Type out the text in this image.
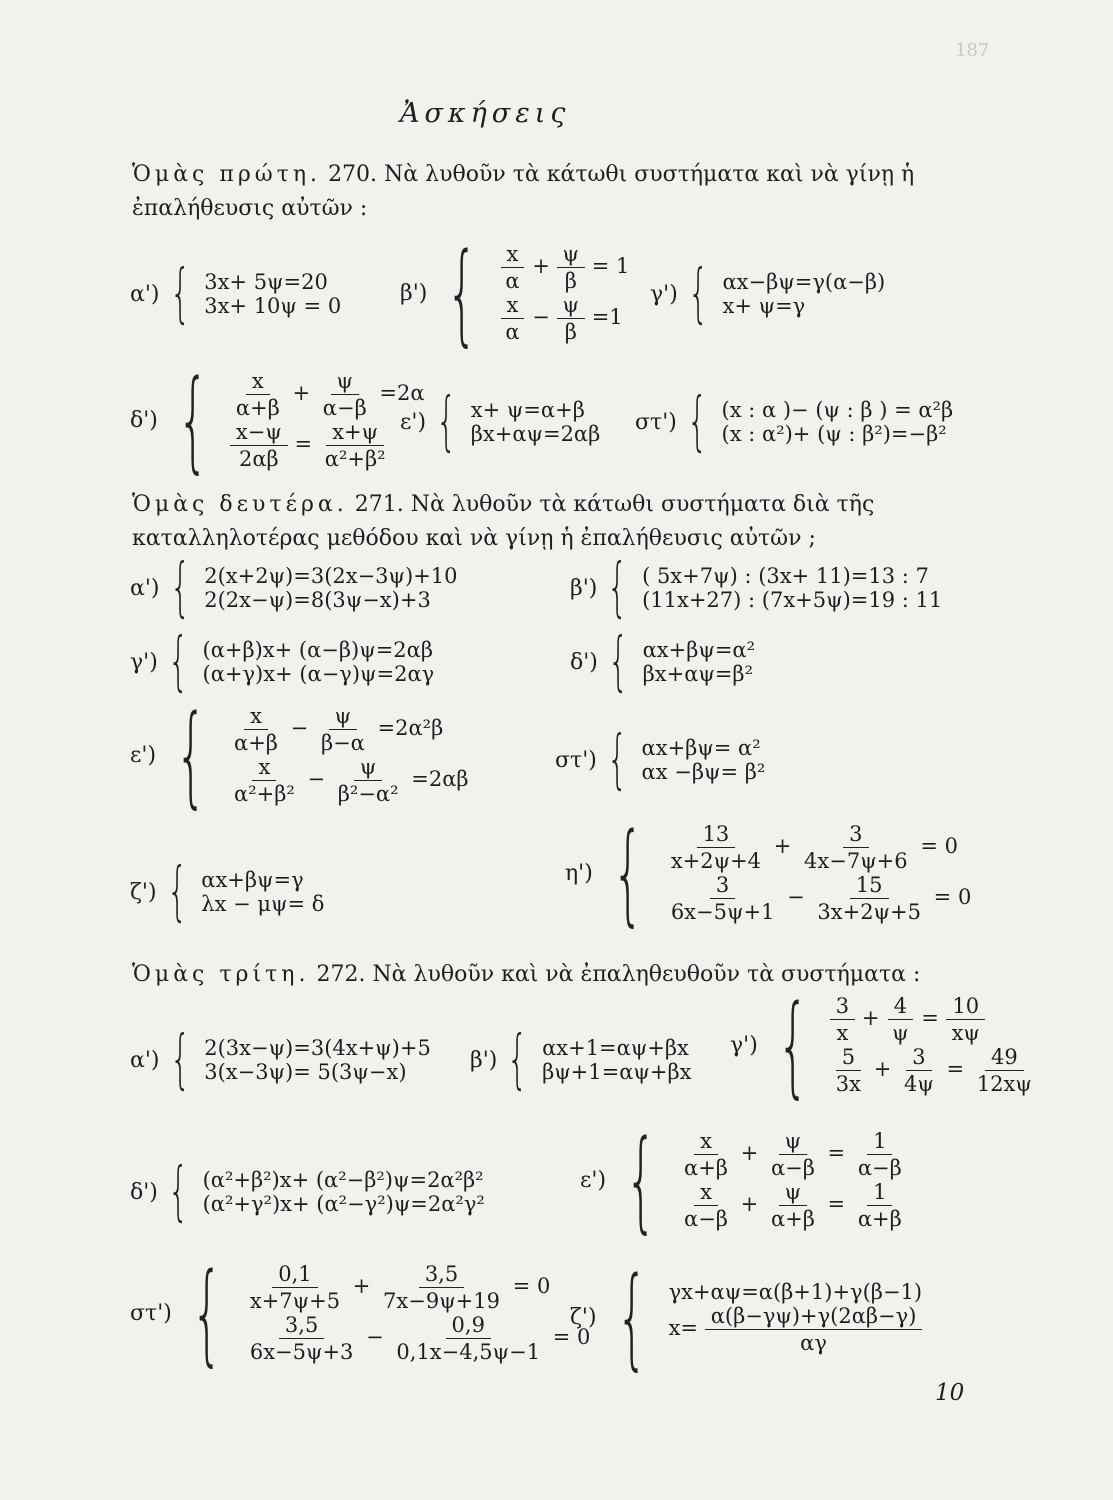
187
Ἀσκήσεις
Ὁμὰς πρώτη. 270. Νὰ λυθοῦν τὰ κάτωθι συστήματα καὶ νὰ γίνῃ ἡ ἐπαλήθευσις αὐτῶν :
α') { 3x+ 5ψ=20
3x+ 10ψ = 0
β') { $\frac{x}{\alpha} + \frac{\psi}{\beta} = 1$
$\frac{x}{\alpha} - \frac{\psi}{\beta} =1$
γ') { αx−βψ=γ(α−β)
x+ ψ=γ
δ') { $\frac{x}{\alpha+\beta} + \frac{\psi}{\alpha-\beta} =2\alpha$
$\frac{x-\psi}{2\alpha\beta} = \frac{x+\psi}{\text{α²+β²}} \varepsilon'$) { x+ ψ=α+β
βx+αψ=2αβ στ') { (x : α )− (ψ : β ) = α²β
(x : α²)+ (ψ : β²)=−β²
Ὁμὰς δευτέρα. 271. Νὰ λυθοῦν τὰ κάτωθι συστήματα διὰ τῆς καταλληλοτέρας μεθόδου καὶ νὰ γίνῃ ἡ ἐπαλήθευσις αὐτῶν ;
α') { 2(x+2ψ)=3(2x−3ψ)+10
2(2x−ψ)=8(3ψ−x)+3	β') { ( 5x+7ψ) : (3x+ 11)=13 : 7
(11x+27) : (7x+5ψ)=19 : 11
γ') { (α+β)x+ (α−β)ψ=2αβ
(α+γ)x+ (α−γ)ψ=2αγ	δ') { αx+βψ=α²
βx+αψ=β²
ε') { $\frac{x}{\alpha+\beta} - \frac{\psi}{\beta-\alpha} =2\alpha^2\beta$
$\frac{x}{\text{α²+β²}} - \frac{\psi}{\text{β²−α²}} =2\alpha\beta$
στ') { αx+βψ= α²
αx −βψ= β²
ζ') { αx+βψ=γ
λx − μψ= δ
η') { $\frac{13}{x+2\psi+4} + \frac{3}{4x-7\psi+6} = 0$
$\frac{3}{6x-5\psi+1} - \frac{15}{3x+2\psi+5} = 0$
Ὁμὰς τρίτη. 272. Νὰ λυθοῦν καὶ νὰ ἐπαληθευθοῦν τὰ συστήματα :
α') { 2(3x−ψ)=3(4x+ψ)+5
3(x−3ψ)= 5(3ψ−x)	β') { αx+1=αψ+βx
βψ+1=αψ+βx
γ') { $\frac{3}{x} + \frac{4}{\psi} = \frac{10}{x\psi}$
$\frac{5}{3x} + \frac{3}{4\psi} = \frac{49}{12x\psi}$
δ') { (α²+β²)x+ (α²−β²)ψ=2α²β²
(α²+γ²)x+ (α²−γ²)ψ=2α²γ²
ε') { $\frac{x}{\alpha+\beta} + \frac{\psi}{\alpha-\beta} = \frac{1}{\alpha-\beta}$
$\frac{x}{\alpha-\beta} + \frac{\psi}{\alpha+\beta} = \frac{1}{\alpha+\beta}$
στ') { $\frac{0,1}{x+7\psi+5} + \frac{3,5}{7x-9\psi+19} = 0$
$\frac{3,5}{6x-5\psi+3} - \frac{0,9}{0,1x-4,5\psi-1} = 0$
ζ') { γx+αψ=α(β+1)+γ(β−1)
$x= \frac{\alpha(\beta-\gamma\psi)+\gamma(2\alpha\beta-\gamma)}{\alpha\gamma}$
10
